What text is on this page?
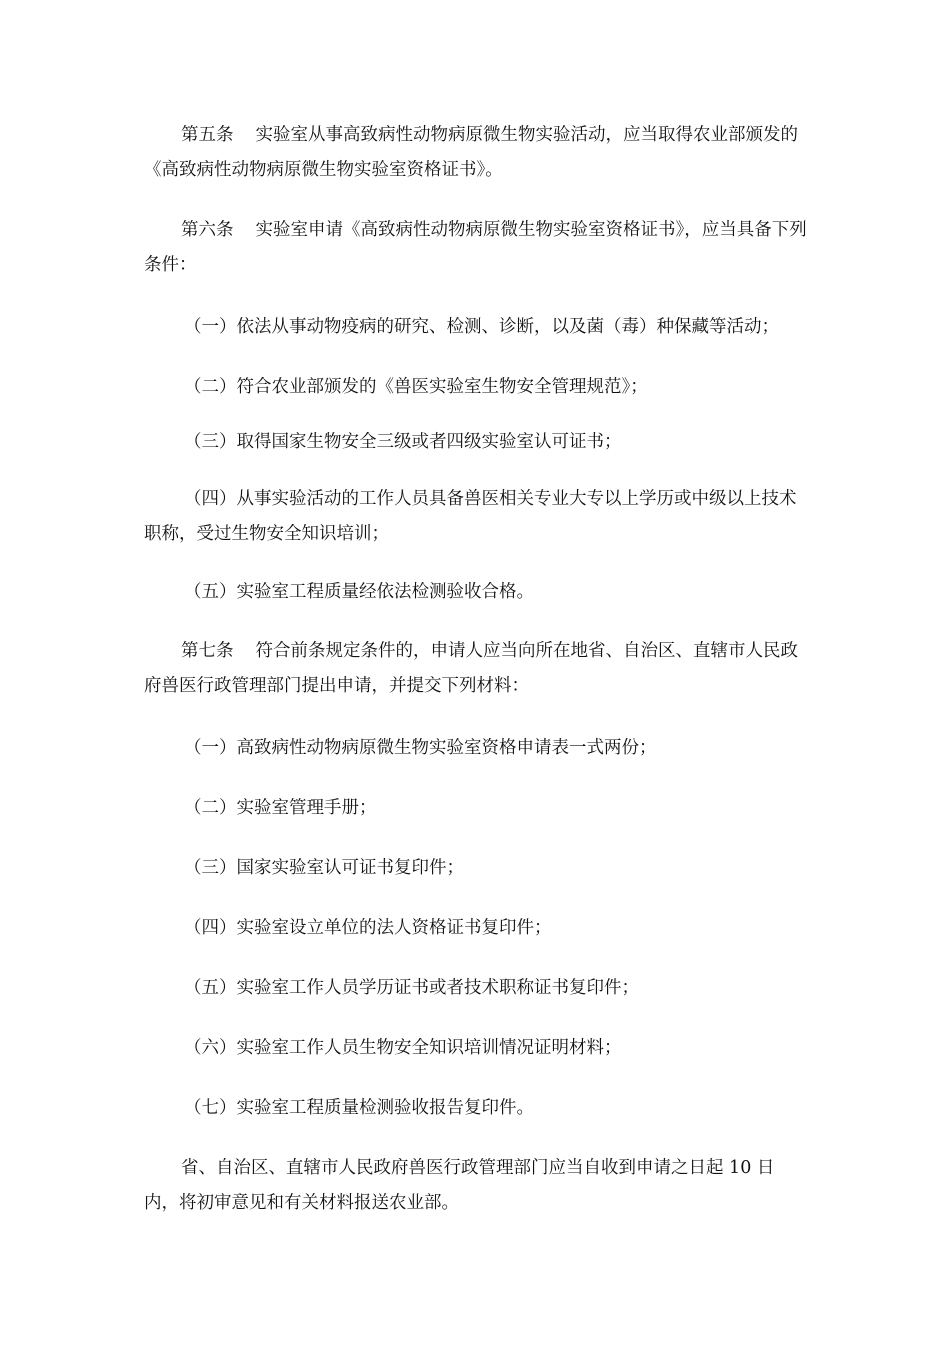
第五条 实验室从事高致病性动物病原微生物实验活动，应当取得农业部颁发的《高致病性动物病原微生物实验室资格证书》。

第六条 实验室申请《高致病性动物病原微生物实验室资格证书》，应当具备下列条件：

（一）依法从事动物疫病的研究、检测、诊断，以及菌（毒）种保藏等活动；

（二）符合农业部颁发的《兽医实验室生物安全管理规范》；

（三）取得国家生物安全三级或者四级实验室认可证书；

（四）从事实验活动的工作人员具备兽医相关专业大专以上学历或中级以上技术职称，受过生物安全知识培训；

（五）实验室工程质量经依法检测验收合格。

第七条 符合前条规定条件的，申请人应当向所在地省、自治区、直辖市人民政府兽医行政管理部门提出申请，并提交下列材料：

（一）高致病性动物病原微生物实验室资格申请表一式两份；

（二）实验室管理手册；

（三）国家实验室认可证书复印件；

（四）实验室设立单位的法人资格证书复印件；

（五）实验室工作人员学历证书或者技术职称证书复印件；

（六）实验室工作人员生物安全知识培训情况证明材料；

（七）实验室工程质量检测验收报告复印件。

省、自治区、直辖市人民政府兽医行政管理部门应当自收到申请之日起 10 日内，将初审意见和有关材料报送农业部。
